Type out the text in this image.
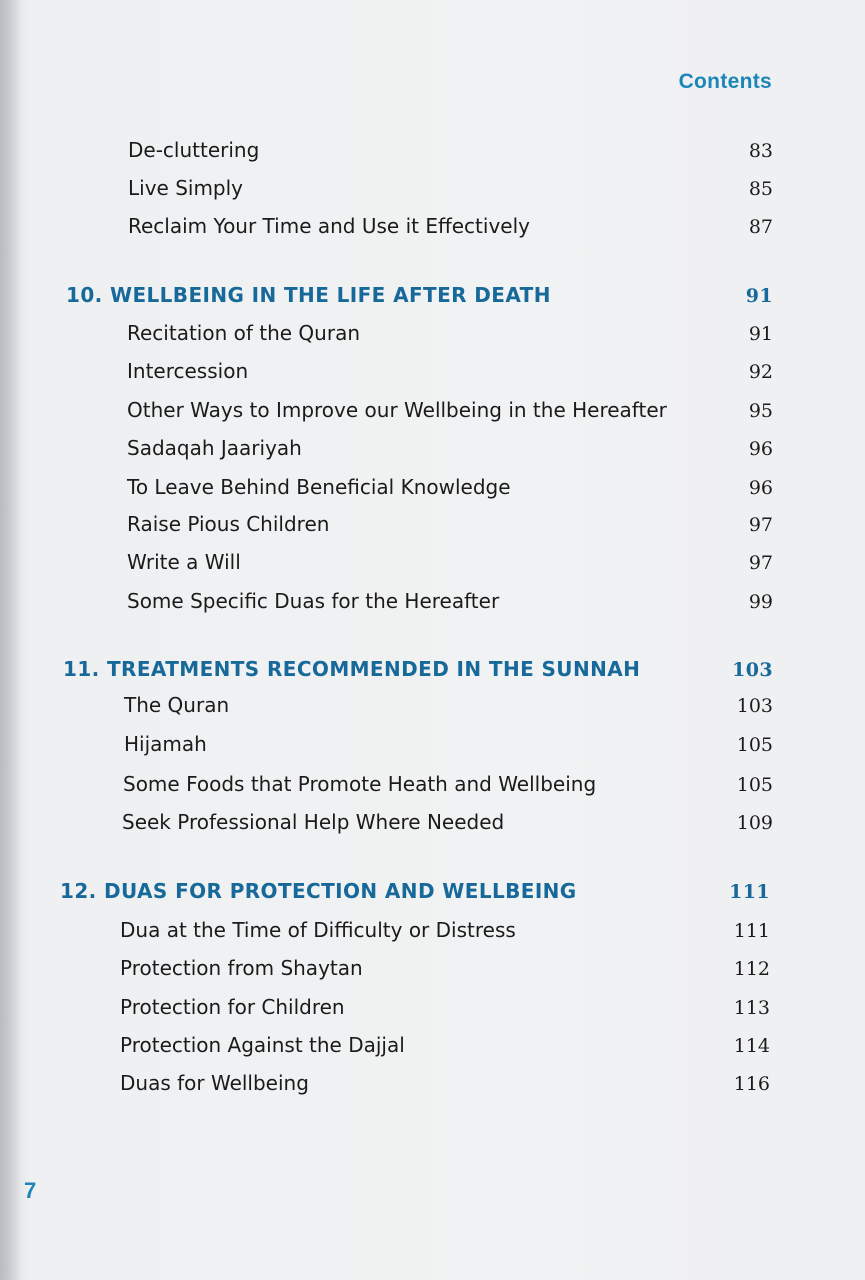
Contents
De-cluttering	83
Live Simply	85
Reclaim Your Time and Use it Effectively	87
10. WELLBEING IN THE LIFE AFTER DEATH	91
Recitation of the Quran	91
Intercession	92
Other Ways to Improve our Wellbeing in the Hereafter	95
Sadaqah Jaariyah	96
To Leave Behind Beneficial Knowledge	96
Raise Pious Children	97
Write a Will	97
Some Specific Duas for the Hereafter	99
11. TREATMENTS RECOMMENDED IN THE SUNNAH	103
The Quran	103
Hijamah	105
Some Foods that Promote Heath and Wellbeing	105
Seek Professional Help Where Needed	109
12. DUAS FOR PROTECTION AND WELLBEING	111
Dua at the Time of Difficulty or Distress	111
Protection from Shaytan	112
Protection for Children	113
Protection Against the Dajjal	114
Duas for Wellbeing	116
7
